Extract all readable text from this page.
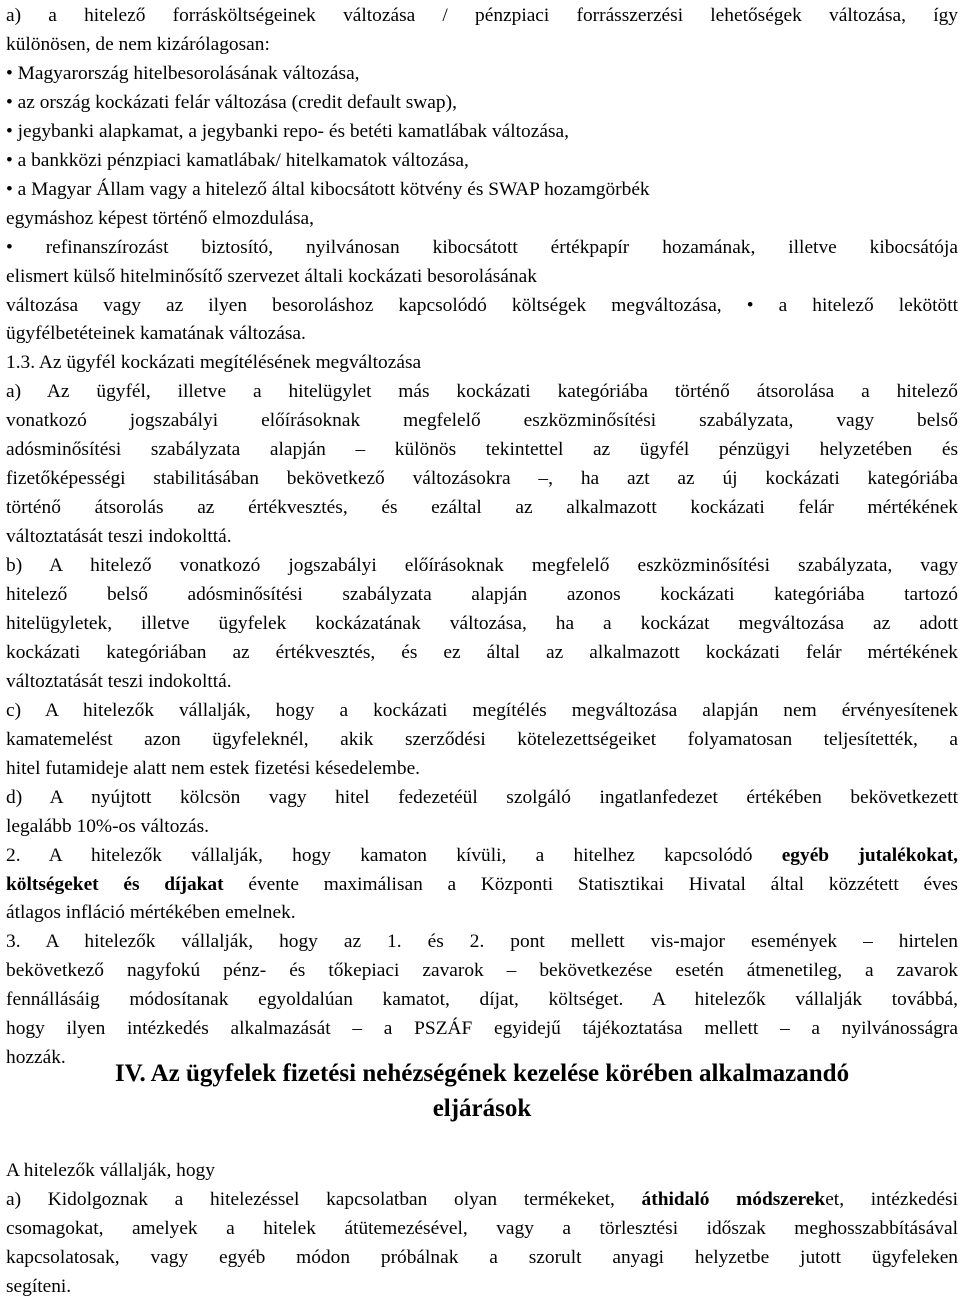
a) a hitelező forrásköltségeinek változása / pénzpiaci forrásszerzési lehetőségek változása, így
különösen, de nem kizárólagosan:
• Magyarország hitelbesorolásának változása,
• az ország kockázati felár változása (credit default swap),
• jegybanki alapkamat, a jegybanki repo- és betéti kamatlábak változása,
• a bankközi pénzpiaci kamatlábak/ hitelkamatok változása,
• a Magyar Állam vagy a hitelező által kibocsátott kötvény és SWAP hozamgörbék
egymáshoz képest történő elmozdulása,
• refinanszírozást biztosító, nyilvánosan kibocsátott értékpapír hozamának, illetve kibocsátója
elismert külső hitelminősítő szervezet általi kockázati besorolásának
változása vagy az ilyen besoroláshoz kapcsolódó költségek megváltozása, • a hitelező lekötött
ügyfélbetéteinek kamatának változása.
1.3. Az ügyfél kockázati megítélésének megváltozása
a) Az ügyfél, illetve a hitelügylet más kockázati kategóriába történő átsorolása a hitelező
vonatkozó jogszabályi előírásoknak megfelelő eszközminősítési szabályzata, vagy belső
adósminősítési szabályzata alapján – különös tekintettel az ügyfél pénzügyi helyzetében és
fizetőképességi stabilitásában bekövetkező változásokra –, ha azt az új kockázati kategóriába
történő átsorolás az értékvesztés, és ezáltal az alkalmazott kockázati felár mértékének
változtatását teszi indokolttá.
b) A hitelező vonatkozó jogszabályi előírásoknak megfelelő eszközminősítési szabályzata, vagy
hitelező belső adósminősítési szabályzata alapján azonos kockázati kategóriába tartozó
hitelügyletek, illetve ügyfelek kockázatának változása, ha a kockázat megváltozása az adott
kockázati kategóriában az értékvesztés, és ez által az alkalmazott kockázati felár mértékének
változtatását teszi indokolttá.
c) A hitelezők vállalják, hogy a kockázati megítélés megváltozása alapján nem érvényesítenek
kamatemelést azon ügyfeleknél, akik szerződési kötelezettségeiket folyamatosan teljesítették, a
hitel futamideje alatt nem estek fizetési késedelembe.
d) A nyújtott kölcsön vagy hitel fedezetéül szolgáló ingatlanfedezet értékében bekövetkezett
legalább 10%-os változás.
2. A hitelezők vállalják, hogy kamaton kívüli, a hitelhez kapcsolódó egyéb jutalékokat,
költségeket és díjakat évente maximálisan a Központi Statisztikai Hivatal által közzétett éves
átlagos infláció mértékében emelnek.
3. A hitelezők vállalják, hogy az 1. és 2. pont mellett vis-major események – hirtelen
bekövetkező nagyfokú pénz- és tőkepiaci zavarok – bekövetkezése esetén átmenetileg, a zavarok
fennállásáig módosítanak egyoldalúan kamatot, díjat, költséget. A hitelezők vállalják továbbá,
hogy ilyen intézkedés alkalmazását – a PSZÁF egyidejű tájékoztatása mellett – a nyilvánosságra
hozzák.
IV. Az ügyfelek fizetési nehézségének kezelése körében alkalmazandó
eljárások
A hitelezők vállalják, hogy
a) Kidolgoznak a hitelezéssel kapcsolatban olyan termékeket, áthidaló módszereket, intézkedési
csomagokat, amelyek a hitelek átütemezésével, vagy a törlesztési időszak meghosszabbításával
kapcsolatosak, vagy egyéb módon próbálnak a szorult anyagi helyzetbe jutott ügyfeleken
segíteni.
